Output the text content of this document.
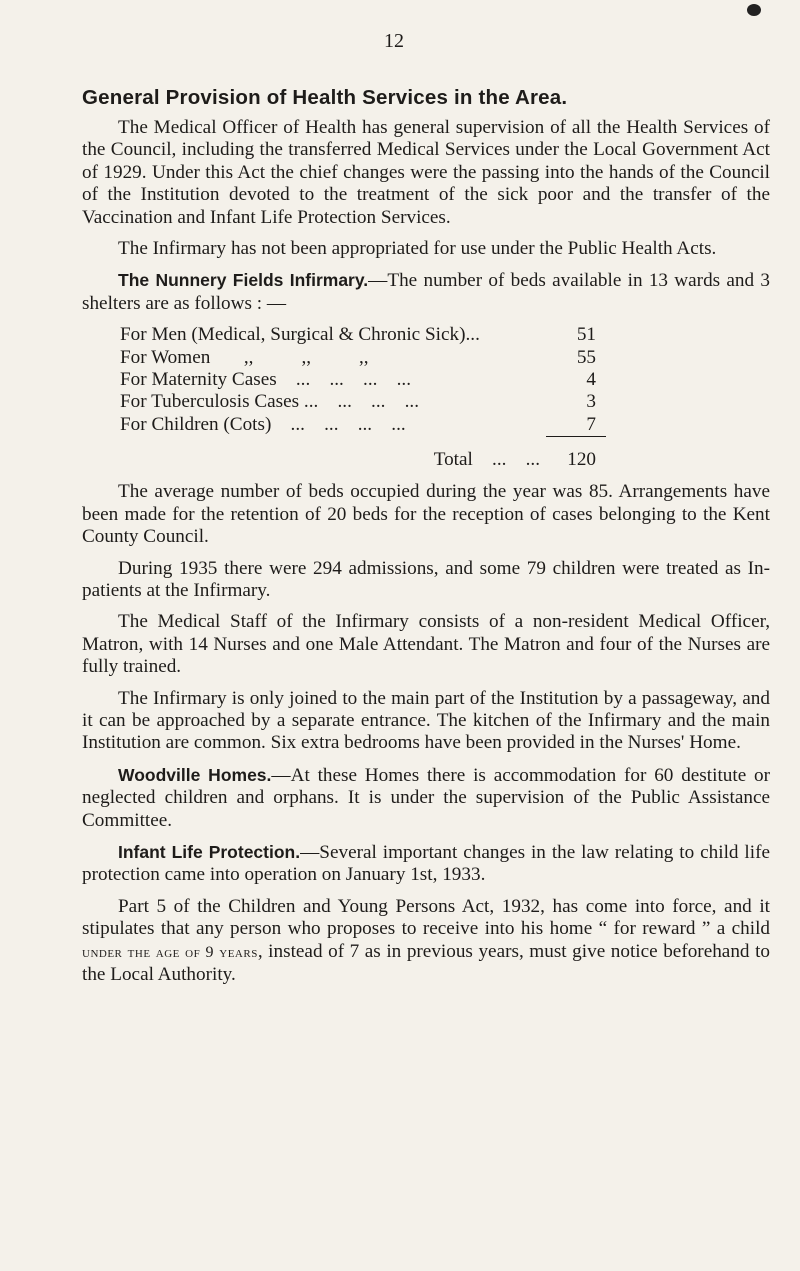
12
General Provision of Health Services in the Area.

The Medical Officer of Health has general supervision of all the Health Services of the Council, including the transferred Medical Services under the Local Government Act of 1929. Under this Act the chief changes were the passing into the hands of the Council of the Institution devoted to the treatment of the sick poor and the transfer of the Vaccination and Infant Life Protection Services.

The Infirmary has not been appropriated for use under the Public Health Acts.

The Nunnery Fields Infirmary.—The number of beds available in 13 wards and 3 shelters are as follows : —

For Men (Medical, Surgical & Chronic Sick)...	51
For Women       ,,          ,,          ,,	55
For Maternity Cases    ...    ...    ...    ...	4
For Tuberculosis Cases ...    ...    ...    ...	3
For Children (Cots)    ...    ...    ...    ...	7
Total    ...    ...	120

The average number of beds occupied during the year was 85. Arrangements have been made for the retention of 20 beds for the reception of cases belonging to the Kent County Council.

During 1935 there were 294 admissions, and some 79 children were treated as In-patients at the Infirmary.

The Medical Staff of the Infirmary consists of a non-resident Medical Officer, Matron, with 14 Nurses and one Male Attendant. The Matron and four of the Nurses are fully trained.

The Infirmary is only joined to the main part of the Institution by a passageway, and it can be approached by a separate entrance. The kitchen of the Infirmary and the main Institution are common. Six extra bedrooms have been provided in the Nurses' Home.

Woodville Homes.—At these Homes there is accommodation for 60 destitute or neglected children and orphans. It is under the supervision of the Public Assistance Committee.

Infant Life Protection.—Several important changes in the law relating to child life protection came into operation on January 1st, 1933.

Part 5 of the Children and Young Persons Act, 1932, has come into force, and it stipulates that any person who proposes to receive into his home “ for reward ” a child under the age of 9 years, instead of 7 as in previous years, must give notice beforehand to the Local Authority.
